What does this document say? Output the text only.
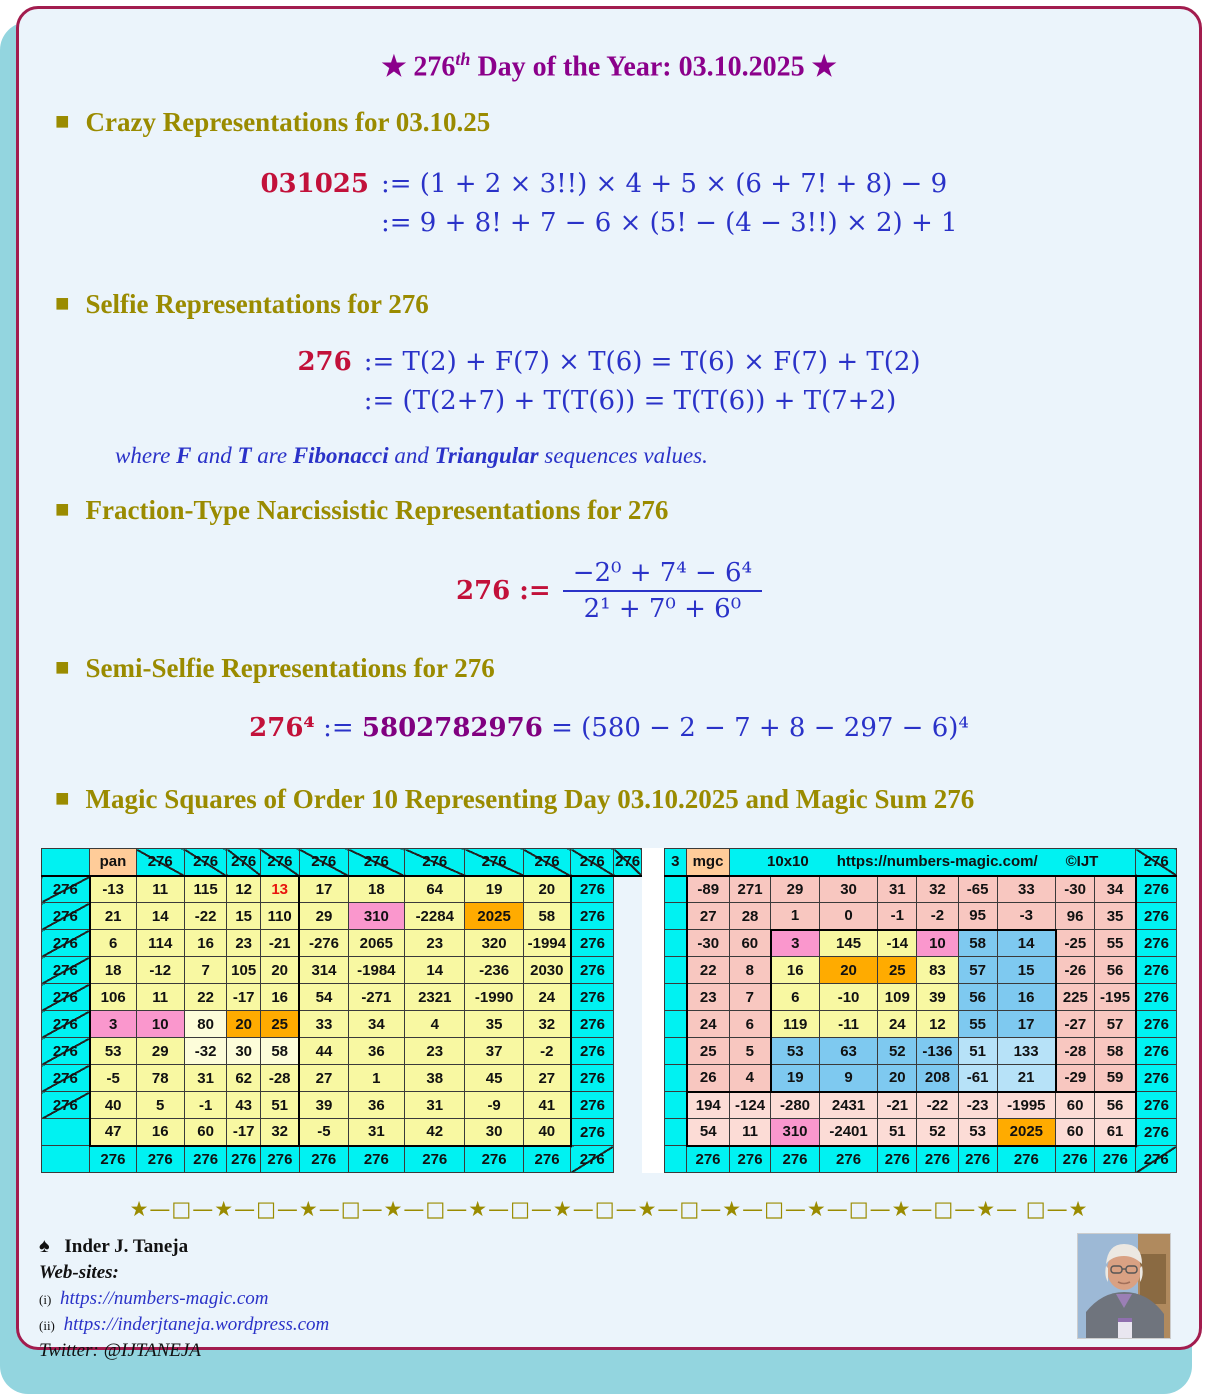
★ 276th Day of the Year: 03.10.2025 ★
■ Crazy Representations for 03.10.25
031025 := (1 + 2 × 3!!) × 4 + 5 × (6 + 7! + 8) − 9
:= 9 + 8! + 7 − 6 × (5! − (4 − 3!!) × 2) + 1
■ Selfie Representations for 276
276 := T(2) + F(7) × T(6) = T(6) × F(7) + T(2)
:= (T(2+7) + T(T(6)) = T(T(6)) + T(7+2)
where F and T are Fibonacci and Triangular sequences values.
■ Fraction-Type Narcissistic Representations for 276
276 := $\frac{\text{−2⁰ + 7⁴ − 6⁴}}{\text{2¹ + 7⁰ + 6⁰}}$
■ Semi-Selfie Representations for 276
276⁴ := 5802782976 = (580 − 2 − 7 + 8 − 297 − 6)⁴
■ Magic Squares of Order 10 Representing Day 03.10.2025 and Magic Sum 276
	pan	276	276	276	276	276	276	276	276	276	276	276
276	-13	11	115	12	13	17	18	64	19	20	276	
276	21	14	-22	15	110	29	310	-2284	2025	58	276	
276	6	114	16	23	-21	-276	2065	23	320	-1994	276	
276	18	-12	7	105	20	314	-1984	14	-236	2030	276	
276	106	11	22	-17	16	54	-271	2321	-1990	24	276	
276	3	10	80	20	25	33	34	4	35	32	276	
276	53	29	-32	30	58	44	36	23	37	-2	276	
276	-5	78	31	62	-28	27	1	38	45	27	276	
276	40	5	-1	43	51	39	36	31	-9	41	276	
	47	16	60	-17	32	-5	31	42	30	40	276	
	276	276	276	276	276	276	276	276	276	276	276	
3	mgc	10x10 https://numbers-magic.com/ ©IJT									276
	-89	271	29	30	31	32	-65	33	-30	34	276
	27	28	1	0	-1	-2	95	-3	96	35	276
	-30	60	3	145	-14	10	58	14	-25	55	276
	22	8	16	20	25	83	57	15	-26	56	276
	23	7	6	-10	109	39	56	16	225	-195	276
	24	6	119	-11	24	12	55	17	-27	57	276
	25	5	53	63	52	-136	51	133	-28	58	276
	26	4	19	9	20	208	-61	21	-29	59	276
	194	-124	-280	2431	-21	-22	-23	-1995	60	56	276
	54	11	310	-2401	51	52	53	2025	60	61	276
	276	276	276	276	276	276	276	276	276	276	276
★—□—★—□—★—□—★—□—★—□—★—□—★—□—★—□—★—□—★—□—★— □—★
♠ Inder J. Taneja
Web-sites:
(i) https://numbers-magic.com
(ii) https://inderjtaneja.wordpress.com
Twitter: @IJTANEJA
